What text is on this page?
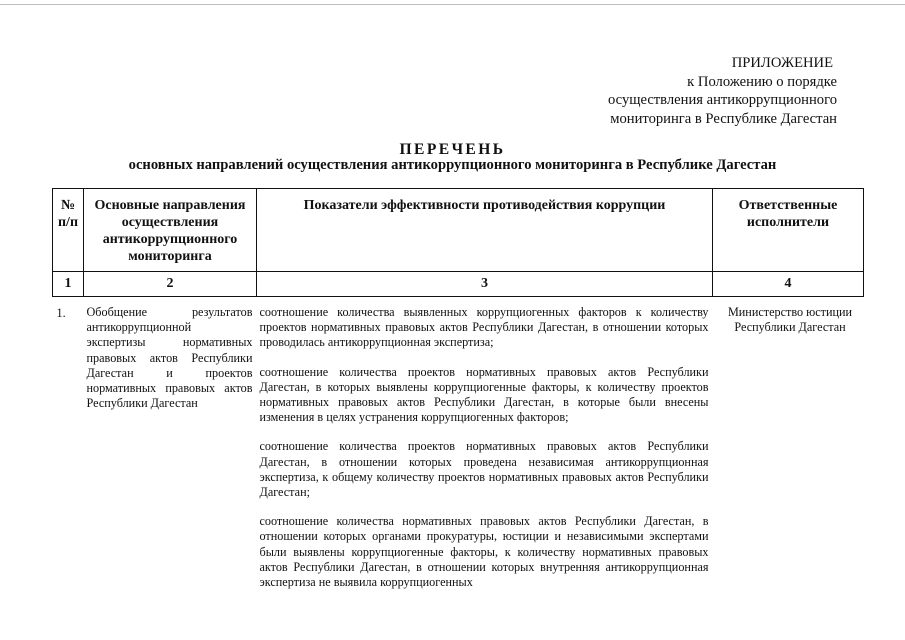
ПРИЛОЖЕНИЕ
к Положению о порядке
осуществления антикоррупционного
мониторинга в Республике Дагестан
ПЕРЕЧЕНЬ
основных направлений осуществления антикоррупционного мониторинга в Республике Дагестан
№ п/п	Основные направления осуществления антикоррупционного мониторинга	Показатели эффективности противодействия коррупции	Ответственные исполнители
1	2	3	4
1.	Обобщение результатов антикоррупционной экспертизы нормативных правовых актов Республики Дагестан и проектов нормативных правовых актов Республики Дагестан	соотношение количества выявленных коррупциогенных факторов к количеству проектов нормативных правовых актов Республики Дагестан, в отношении которых проводилась антикоррупционная экспертиза;

соотношение количества проектов нормативных правовых актов Республики Дагестан, в которых выявлены коррупциогенные факторы, к количеству проектов нормативных правовых актов Республики Дагестан, в которые были внесены изменения в целях устранения коррупциогенных факторов;

соотношение количества проектов нормативных правовых актов Республики Дагестан, в отношении которых проведена независимая антикоррупционная экспертиза, к общему количеству проектов нормативных правовых актов Республики Дагестан;

соотношение количества нормативных правовых актов Республики Дагестан, в отношении которых органами прокуратуры, юстиции и независимыми экспертами были выявлены коррупциогенные факторы, к количеству нормативных правовых актов Республики Дагестан, в отношении которых внутренняя антикоррупционная экспертиза не выявила коррупциогенных	Министерство юстиции Республики Дагестан
